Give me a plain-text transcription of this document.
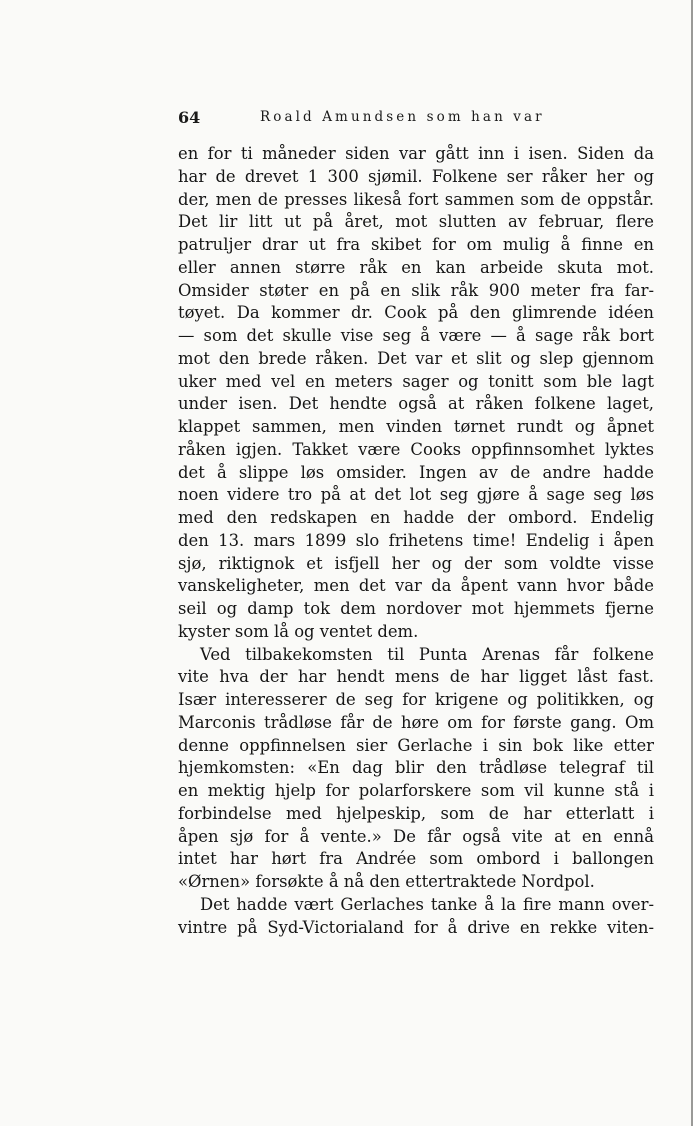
64	Roald Amundsen som han var
en for ti måneder siden var gått inn i isen. Siden da
har de drevet 1 300 sjømil. Folkene ser råker her og
der, men de presses likeså fort sammen som de oppstår.
Det lir litt ut på året, mot slutten av februar, flere
patruljer drar ut fra skibet for om mulig å finne en
eller annen større råk en kan arbeide skuta mot.
Omsider støter en på en slik råk 900 meter fra far-
tøyet. Da kommer dr. Cook på den glimrende idéen
— som det skulle vise seg å være — å sage råk bort
mot den brede råken. Det var et slit og slep gjennom
uker med vel en meters sager og tonitt som ble lagt
under isen. Det hendte også at råken folkene laget,
klappet sammen, men vinden tørnet rundt og åpnet
råken igjen. Takket være Cooks oppfinnsomhet lyktes
det å slippe løs omsider. Ingen av de andre hadde
noen videre tro på at det lot seg gjøre å sage seg løs
med den redskapen en hadde der ombord. Endelig
den 13. mars 1899 slo frihetens time! Endelig i åpen
sjø, riktignok et isfjell her og der som voldte visse
vanskeligheter, men det var da åpent vann hvor både
seil og damp tok dem nordover mot hjemmets fjerne
kyster som lå og ventet dem.
Ved tilbakekomsten til Punta Arenas får folkene
vite hva der har hendt mens de har ligget låst fast.
Især interesserer de seg for krigene og politikken, og
Marconis trådløse får de høre om for første gang. Om
denne oppfinnelsen sier Gerlache i sin bok like etter
hjemkomsten: «En dag blir den trådløse telegraf til
en mektig hjelp for polarforskere som vil kunne stå i
forbindelse med hjelpeskip, som de har etterlatt i
åpen sjø for å vente.» De får også vite at en ennå
intet har hørt fra Andrée som ombord i ballongen
«Ørnen» forsøkte å nå den ettertraktede Nordpol.
Det hadde vært Gerlaches tanke å la fire mann over-
vintre på Syd-Victorialand for å drive en rekke viten-
